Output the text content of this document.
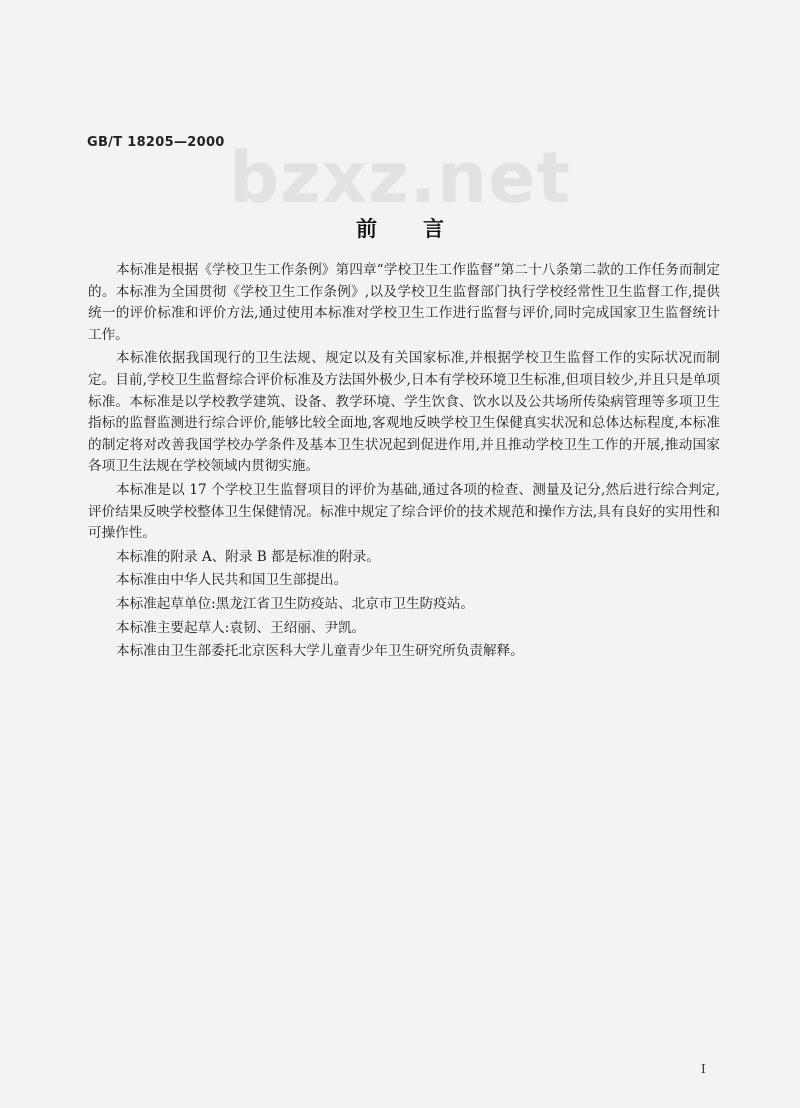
bzxz.net
GB/T 18205—2000
前 言

本标准是根据《学校卫生工作条例》第四章“学校卫生工作监督”第二十八条第二款的工作任务而制定的。本标准为全国贯彻《学校卫生工作条例》,以及学校卫生监督部门执行学校经常性卫生监督工作,提供统一的评价标准和评价方法,通过使用本标准对学校卫生工作进行监督与评价,同时完成国家卫生监督统计工作。

本标准依据我国现行的卫生法规、规定以及有关国家标准,并根据学校卫生监督工作的实际状况而制定。目前,学校卫生监督综合评价标准及方法国外极少,日本有学校环境卫生标准,但项目较少,并且只是单项标准。本标准是以学校教学建筑、设备、教学环境、学生饮食、饮水以及公共场所传染病管理等多项卫生指标的监督监测进行综合评价,能够比较全面地,客观地反映学校卫生保健真实状况和总体达标程度,本标准的制定将对改善我国学校办学条件及基本卫生状况起到促进作用,并且推动学校卫生工作的开展,推动国家各项卫生法规在学校领域内贯彻实施。

本标准是以 17 个学校卫生监督项目的评价为基础,通过各项的检查、测量及记分,然后进行综合判定,评价结果反映学校整体卫生保健情况。标准中规定了综合评价的技术规范和操作方法,具有良好的实用性和可操作性。

本标准的附录 A、附录 B 都是标准的附录。

本标准由中华人民共和国卫生部提出。

本标准起草单位:黑龙江省卫生防疫站、北京市卫生防疫站。

本标准主要起草人:袁韧、王绍丽、尹凯。

本标准由卫生部委托北京医科大学儿童青少年卫生研究所负责解释。

I
